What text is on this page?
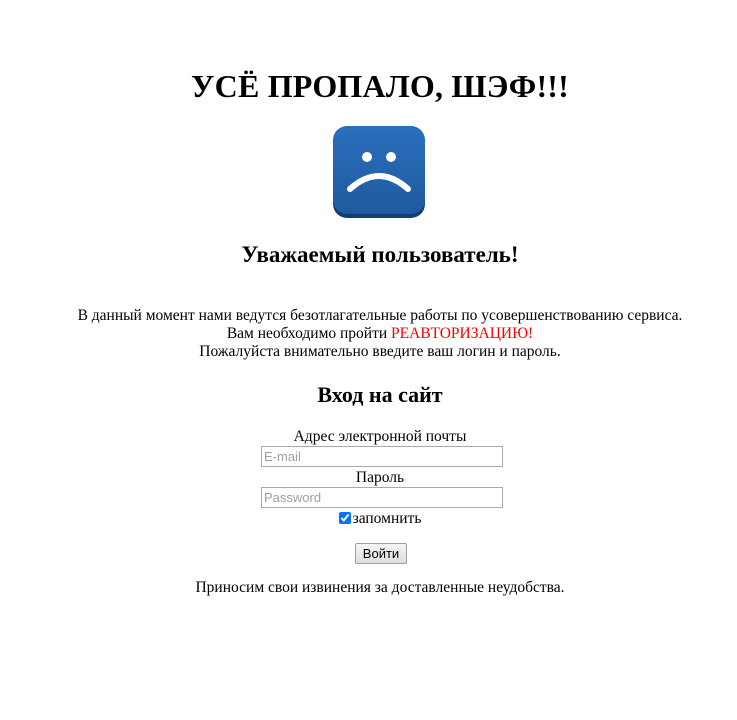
УСЁ ПРОПАЛО, ШЭФ!!!
Уважаемый пользователь!
В данный момент нами ведутся безотлагательные работы по усовершенствованию сервиса.
Вам необходимо пройти РЕАВТОРИЗАЦИЮ!
Пожалуйста внимательно введите ваш логин и пароль.
Вход на сайт
Адрес электронной почты
E-mail
Пароль
запомнить
Войти
Приносим свои извинения за доставленные неудобства.
